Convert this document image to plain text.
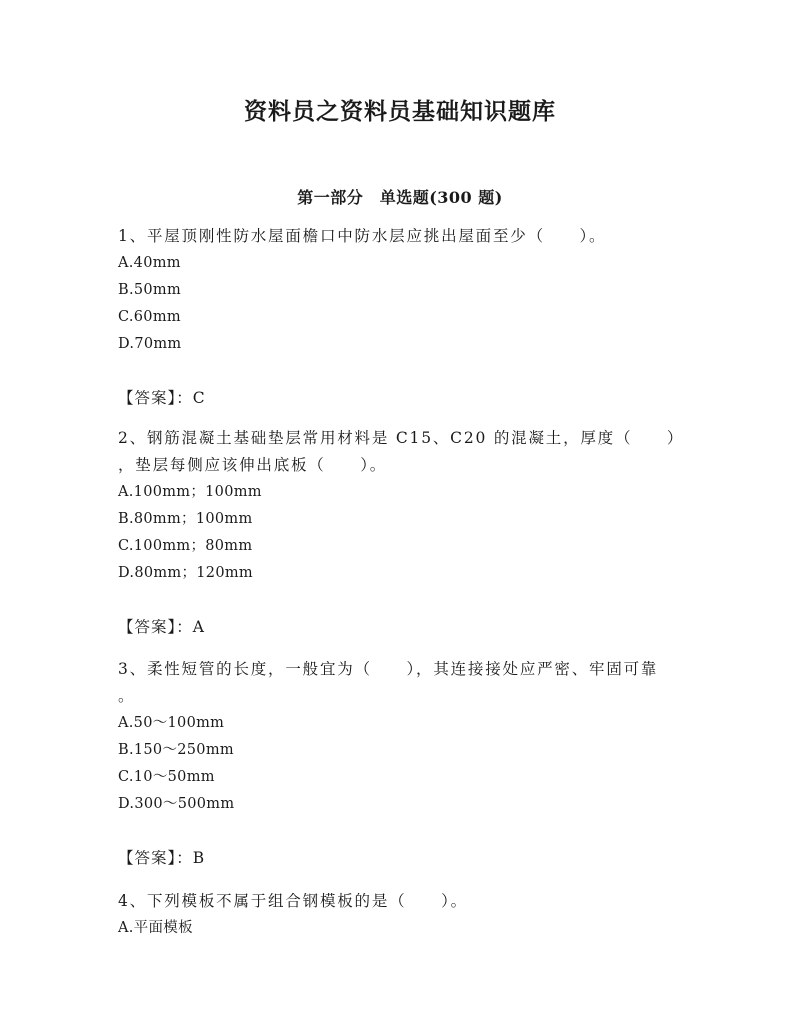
资料员之资料员基础知识题库
第一部分　单选题(300 题)
1、平屋顶刚性防水屋面檐口中防水层应挑出屋面至少（　　）。
A.40mm
B.50mm
C.60mm
D.70mm
【答案】：C
2、钢筋混凝土基础垫层常用材料是 C15、C20 的混凝土，厚度（　　）
，垫层每侧应该伸出底板（　　）。
A.100mm；100mm
B.80mm；100mm
C.100mm；80mm
D.80mm；120mm
【答案】：A
3、柔性短管的长度，一般宜为（　　），其连接接处应严密、牢固可靠
。
A.50～100mm
B.150～250mm
C.10～50mm
D.300～500mm
【答案】：B
4、下列模板不属于组合钢模板的是（　　）。
A.平面模板
